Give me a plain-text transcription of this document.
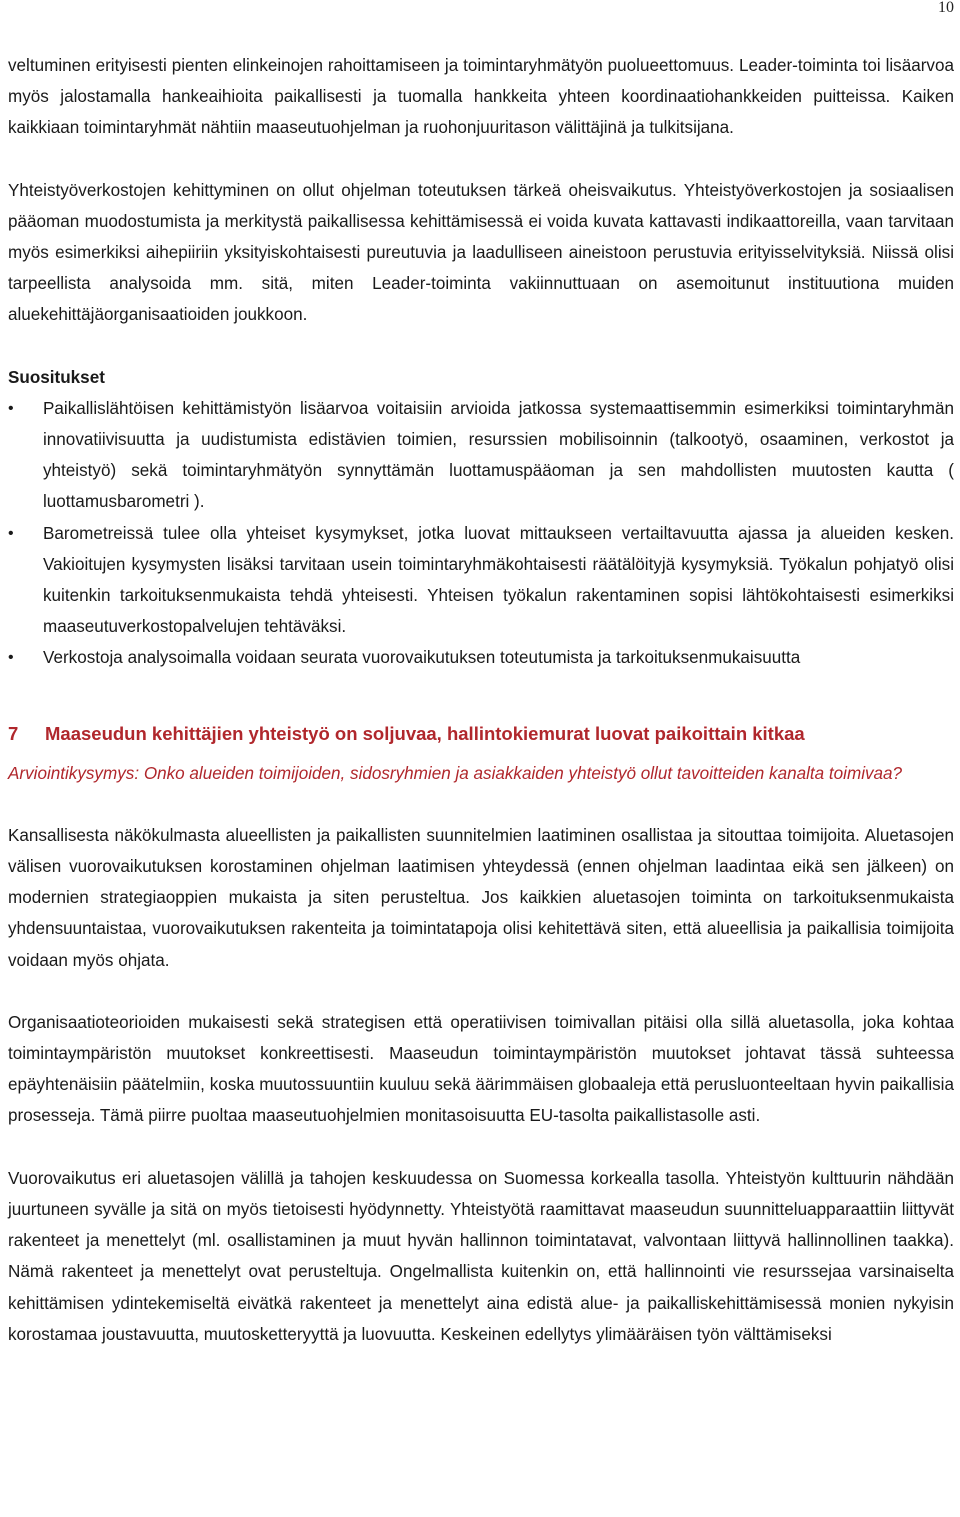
10

veltuminen erityisesti pienten elinkeinojen rahoittamiseen ja toimintaryhmätyön puolueettomuus. Leader-toiminta toi lisäarvoa myös jalostamalla hankeaihioita paikallisesti ja tuomalla hankkeita yhteen koordinaatiohankkeiden puitteissa. Kaiken kaikkiaan toimintaryhmät nähtiin maaseutuohjelman ja ruohonjuuritason välittäjinä ja tulkitsijana.

Yhteistyöverkostojen kehittyminen on ollut ohjelman toteutuksen tärkeä oheisvaikutus. Yhteistyöverkostojen ja sosiaalisen pääoman muodostumista ja merkitystä paikallisessa kehittämisessä ei voida kuvata kattavasti indikaattoreilla, vaan tarvitaan myös esimerkiksi aihepiiriin yksityiskohtaisesti pureutuvia ja laadulliseen aineistoon perustuvia erityisselvityksiä. Niissä olisi tarpeellista analysoida mm. sitä, miten Leader-toiminta vakiinnuttuaan on asemoitunut instituutiona muiden aluekehittäjäorganisaatioiden joukkoon.

Suositukset
• Paikallislähtöisen kehittämistyön lisäarvoa voitaisiin arvioida jatkossa systemaattisemmin esimerkiksi toimintaryhmän innovatiivisuutta ja uudistumista edistävien toimien, resurssien mobilisoinnin (talkootyö, osaaminen, verkostot ja yhteistyö) sekä toimintaryhmätyön synnyttämän luottamuspääoman ja sen mahdollisten muutosten kautta ( luottamusbarometri ).
• Barometreissä tulee olla yhteiset kysymykset, jotka luovat mittaukseen vertailtavuutta ajassa ja alueiden kesken. Vakioitujen kysymysten lisäksi tarvitaan usein toimintaryhmäkohtaisesti räätälöityjä kysymyksiä. Työkalun pohjatyö olisi kuitenkin tarkoituksenmukaista tehdä yhteisesti. Yhteisen työkalun rakentaminen sopisi lähtökohtaisesti esimerkiksi maaseutuverkostopalvelujen tehtäväksi.
• Verkostoja analysoimalla voidaan seurata vuorovaikutuksen toteutumista ja tarkoituksenmukaisuutta
7	Maaseudun kehittäjien yhteistyö on soljuvaa, hallintokiemurat luovat paikoittain kitkaa

Arviointikysymys: Onko alueiden toimijoiden, sidosryhmien ja asiakkaiden yhteistyö ollut tavoitteiden kanalta toimivaa?

Kansallisesta näkökulmasta alueellisten ja paikallisten suunnitelmien laatiminen osallistaa ja sitouttaa toimijoita. Aluetasojen välisen vuorovaikutuksen korostaminen ohjelman laatimisen yhteydessä (ennen ohjelman laadintaa eikä sen jälkeen) on modernien strategiaoppien mukaista ja siten perusteltua. Jos kaikkien aluetasojen toiminta on tarkoituksenmukaista yhdensuuntaistaa, vuorovaikutuksen rakenteita ja toimintatapoja olisi kehitettävä siten, että alueellisia ja paikallisia toimijoita voidaan myös ohjata.

Organisaatioteorioiden mukaisesti sekä strategisen että operatiivisen toimivallan pitäisi olla sillä aluetasolla, joka kohtaa toimintaympäristön muutokset konkreettisesti. Maaseudun toimintaympäristön muutokset johtavat tässä suhteessa epäyhtenäisiin päätelmiin, koska muutossuuntiin kuuluu sekä äärimmäisen globaaleja että perusluonteeltaan hyvin paikallisia prosesseja. Tämä piirre puoltaa maaseutuohjelmien monitasoisuutta EU-tasolta paikallistasolle asti.

Vuorovaikutus eri aluetasojen välillä ja tahojen keskuudessa on Suomessa korkealla tasolla. Yhteistyön kulttuurin nähdään juurtuneen syvälle ja sitä on myös tietoisesti hyödynnetty. Yhteistyötä raamittavat maaseudun suunnitteluapparaattiin liittyvät rakenteet ja menettelyt (ml. osallistaminen ja muut hyvän hallinnon toimintatavat, valvontaan liittyvä hallinnollinen taakka). Nämä rakenteet ja menettelyt ovat perusteltuja. Ongelmallista kuitenkin on, että hallinnointi vie resurssejaa varsinaiselta kehittämisen ydintekemiseltä eivätkä rakenteet ja menettelyt aina edistä alue- ja paikalliskehittämisessä monien nykyisin korostamaa joustavuutta, muutosketteryyttä ja luovuutta. Keskeinen edellytys ylimääräisen työn välttämiseksi
